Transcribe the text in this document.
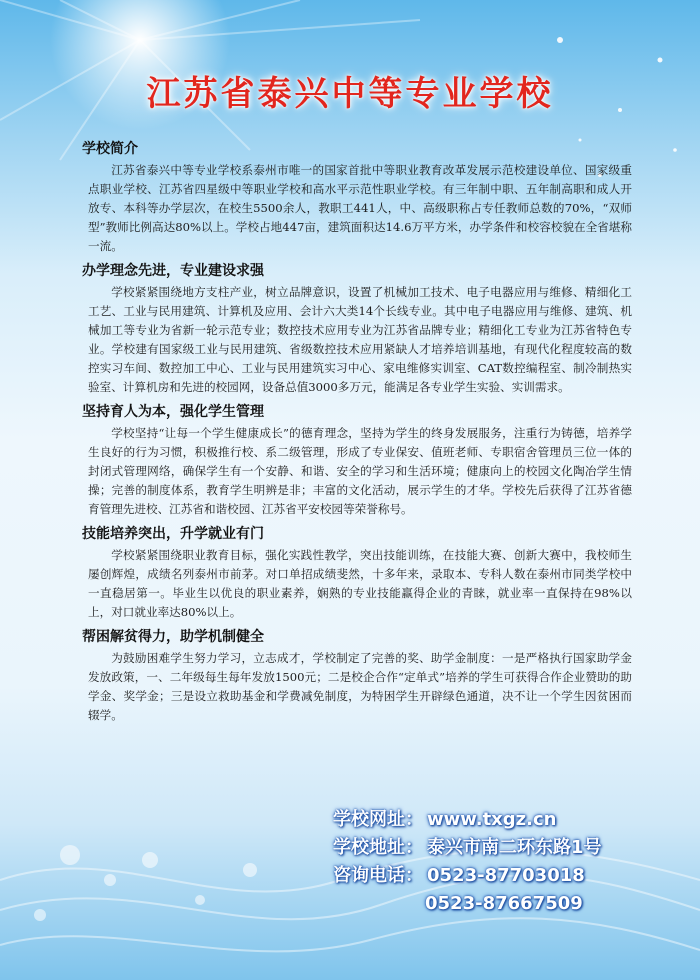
江苏省泰兴中等专业学校
学校简介

江苏省泰兴中等专业学校系泰州市唯一的国家首批中等职业教育改革发展示范校建设单位、国家级重点职业学校、江苏省四星级中等职业学校和高水平示范性职业学校。有三年制中职、五年制高职和成人开放专、本科等办学层次，在校生5500余人，教职工441人，中、高级职称占专任教师总数的70%，“双师型”教师比例高达80%以上。学校占地447亩，建筑面积达14.6万平方米，办学条件和校容校貌在全省堪称一流。

办学理念先进，专业建设求强

学校紧紧围绕地方支柱产业，树立品牌意识，设置了机械加工技术、电子电器应用与维修、精细化工工艺、工业与民用建筑、计算机及应用、会计六大类14个长线专业。其中电子电器应用与维修、建筑、机械加工等专业为省新一轮示范专业；数控技术应用专业为江苏省品牌专业；精细化工专业为江苏省特色专业。学校建有国家级工业与民用建筑、省级数控技术应用紧缺人才培养培训基地，有现代化程度较高的数控实习车间、数控加工中心、工业与民用建筑实习中心、家电维修实训室、CAT数控编程室、制冷制热实验室、计算机房和先进的校园网，设备总值3000多万元，能满足各专业学生实验、实训需求。

坚持育人为本，强化学生管理

学校坚持“让每一个学生健康成长”的德育理念，坚持为学生的终身发展服务，注重行为铸德，培养学生良好的行为习惯，积极推行校、系二级管理，形成了专业保安、值班老师、专职宿舍管理员三位一体的封闭式管理网络，确保学生有一个安静、和谐、安全的学习和生活环境；健康向上的校园文化陶冶学生情操；完善的制度体系，教育学生明辨是非；丰富的文化活动，展示学生的才华。学校先后获得了江苏省德育管理先进校、江苏省和谐校园、江苏省平安校园等荣誉称号。

技能培养突出，升学就业有门

学校紧紧围绕职业教育目标，强化实践性教学，突出技能训练，在技能大赛、创新大赛中，我校师生屡创辉煌，成绩名列泰州市前茅。对口单招成绩斐然，十多年来，录取本、专科人数在泰州市同类学校中一直稳居第一。毕业生以优良的职业素养，娴熟的专业技能赢得企业的青睐，就业率一直保持在98%以上，对口就业率达80%以上。

帮困解贫得力，助学机制健全

为鼓励困难学生努力学习，立志成才，学校制定了完善的奖、助学金制度：一是严格执行国家助学金发放政策，一、二年级每生每年发放1500元；二是校企合作“定单式”培养的学生可获得合作企业赞助的助学金、奖学金；三是设立救助基金和学费减免制度，为特困学生开辟绿色通道，决不让一个学生因贫困而辍学。

学校网址： www.txgz.cn
学校地址： 泰兴市南二环东路1号
咨询电话： 0523-87703018
0523-87667509
